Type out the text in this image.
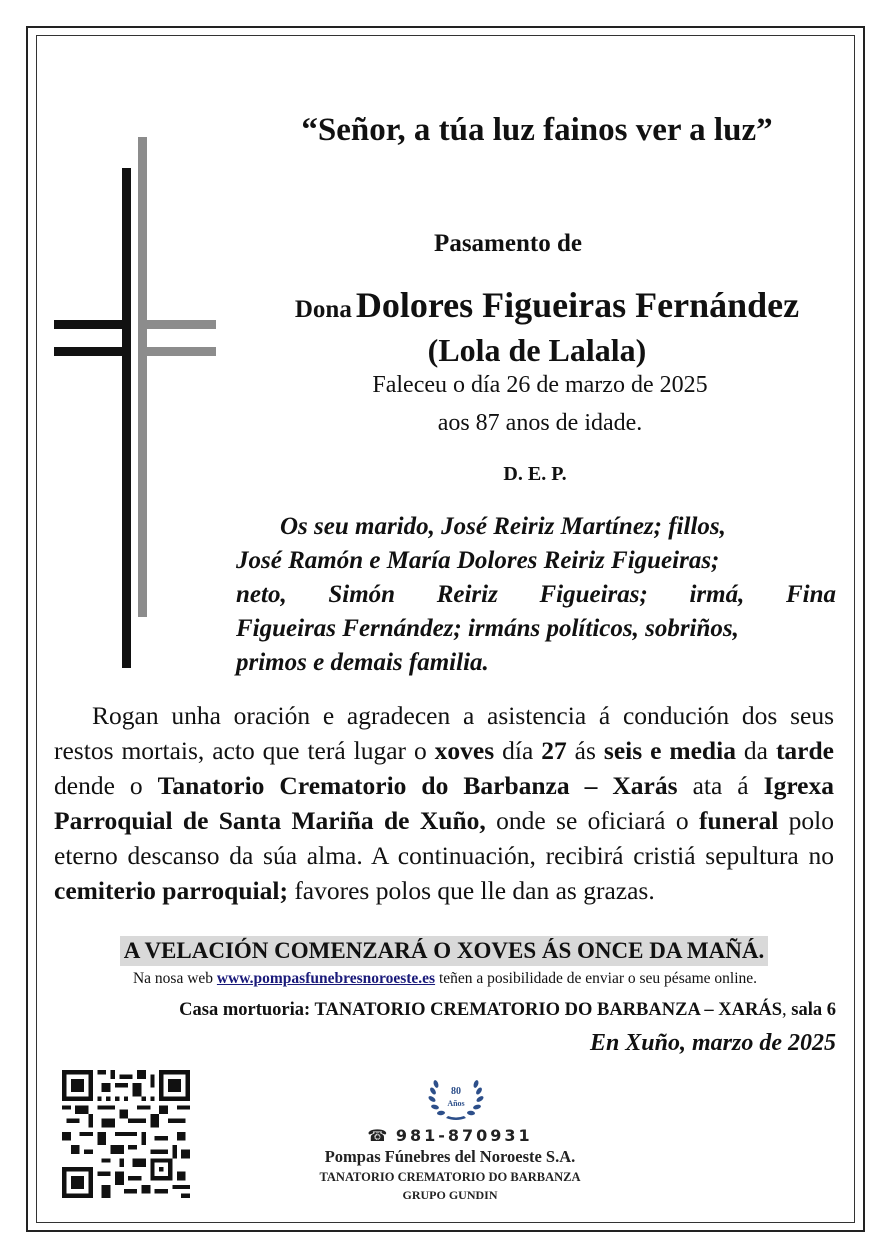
“Señor, a túa luz fainos ver a luz”
Pasamento de
Dona Dolores Figueiras Fernández
(Lola de Lalala)
Faleceu o día 26 de marzo de 2025
aos 87 anos de idade.
D. E. P.
Os seu marido, José Reiriz Martínez; fillos,
José Ramón e María Dolores Reiriz Figueiras;
neto, Simón Reiriz Figueiras; irmá, Fina
Figueiras Fernández; irmáns políticos, sobriños,
primos e demais familia.
Rogan unha oración e agradecen a asistencia á condución dos seus restos mortais, acto que terá lugar o xoves día 27 ás seis e media da tarde dende o Tanatorio Crematorio do Barbanza – Xarás ata á Igrexa Parroquial de Santa Mariña de Xuño, onde se oficiará o funeral polo eterno descanso da súa alma. A continuación, recibirá cristiá sepultura no cemiterio parroquial; favores polos que lle dan as grazas.
A VELACIÓN COMENZARÁ O XOVES ÁS ONCE DA MAÑÁ.
Na nosa web www.pompasfunebresnoroeste.es teñen a posibilidade de enviar o seu pésame online.
Casa mortuoria: TANATORIO CREMATORIO DO BARBANZA – XARÁS, sala 6
En Xuño, marzo de 2025
80
Años
☎ 981-870931
Pompas Fúnebres del Noroeste S.A.
TANATORIO CREMATORIO DO BARBANZA
GRUPO GUNDIN
